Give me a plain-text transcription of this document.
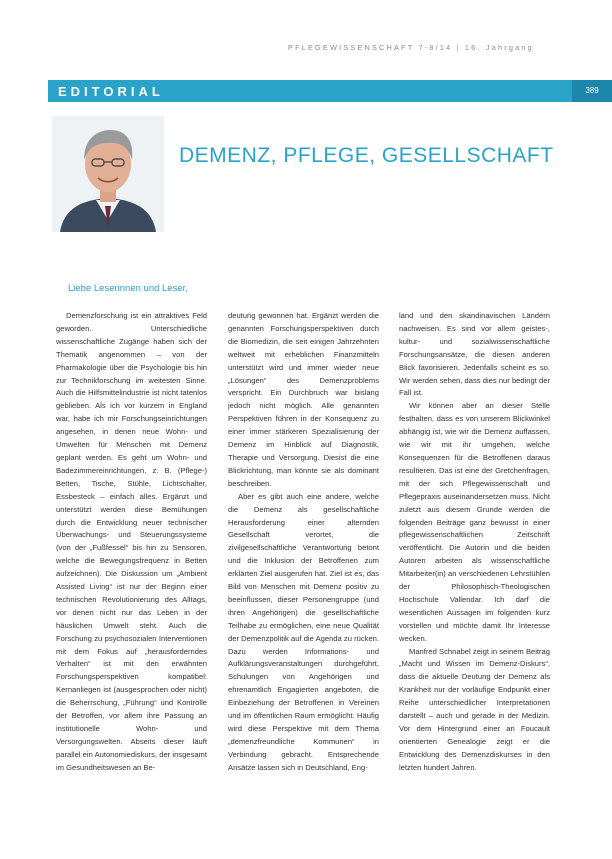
PFLEGEWISSENSCHAFT 7-8/14 | 16. Jahrgang
EDITORIAL	389
DEMENZ, PFLEGE, GESELLSCHAFT
Liebe Leserinnen und Leser,

Demenzforschung ist ein attraktives Feld geworden. Unterschiedliche wissenschaftliche Zugänge haben sich der Thematik angenommen – von der Pharmakologie über die Psychologie bis hin zur Technikforschung im weitesten Sinne. Auch die Hilfsmittelindustrie ist nicht tatenlos geblieben. Als ich vor kurzem in England war, habe ich mir Forschungseinrichtungen angesehen, in denen neue Wohn- und Umwelten für Menschen mit Demenz geplant werden. Es geht um Wohn- und Badezimmereinrichtungen, z. B. (Pflege-) Betten, Tische, Stühle, Lichtschalter, Essbesteck – einfach alles. Ergänzt und unterstützt werden diese Bemühungen durch die Entwicklung neuer technischer Überwachungs- und Steuerungssysteme (von der „Fußfessel“ bis hin zu Sensoren, welche die Bewegungsfrequenz in Betten aufzeichnen). Die Diskussion um „Ambient Assisted Living“ ist nur der Beginn einer technischen Revolutionierung des Alltags, vor denen nicht nur das Leben in der häuslichen Umwelt steht. Auch die Forschung zu psychosozialen Interventionen mit dem Fokus auf „herausforderndes Verhalten“ ist mit den erwähnten Forschungsperspektiven kompatibel: Kernanliegen ist (ausgesprochen oder nicht) die Beherrschung, „Führung“ und Kontrolle der Betroffen, vor allem ihre Passung an institutionelle Wohn- und Versorgungswelten. Abseits dieser läuft parallel ein Autonomiediskurs, der insgesamt im Gesundheitswesen an Be-

deutung gewonnen hat. Ergänzt werden die genannten Forschungsperspektiven durch die Biomedizin, die seit einigen Jahrzehnten weltweit mit erheblichen Finanzmitteln unterstützt wird und immer wieder neue „Lösungen“ des Demenzproblems verspricht. Ein Durchbruch war bislang jedoch nicht möglich. Alle genannten Perspektiven führen in der Konsequenz zu einer immer stärkeren Spezialisierung der Demenz im Hinblick auf Diagnostik, Therapie und Versorgung. Diesist die eine Blickrichtung, man könnte sie als dominant beschreiben.

Aber es gibt auch eine andere, welche die Demenz als gesellschaftliche Herausforderung einer alternden Gesellschaft verortet, die zivilgesellschaftliche Verantwortung betont und die Inklusion der Betroffenen zum erklärten Ziel ausgerufen hat. Ziel ist es, das Bild von Menschen mit Demenz positiv zu beeinflussen, dieser Personengruppe (und ihren Angehörigen) die gesellschaftliche Teilhabe zu ermöglichen, eine neue Qualität der Demenzpolitik auf die Agenda zu rücken. Dazu werden Informations- und Aufklärungsveranstaltungen durchgeführt, Schulungen von Angehörigen und ehrenamtlich Engagierten angeboten, die Einbeziehung der Betroffenen in Vereinen und im öffentlichen Raum ermöglicht. Häufig wird diese Perspektive mit dem Thema „demenzfreundliche Kommunen“ in Verbindung gebracht. Entsprechende Ansätze lassen sich in Deutschland, Eng-

land und den skandinavischen Ländern nachweisen. Es sind vor allem geistes-, kultur- und sozialwissenschaftliche Forschungsansätze, die diesen anderen Blick favorisieren. Jedenfalls scheint es so. Wir werden sehen, dass dies nur bedingt der Fall ist.

Wir können aber an dieser Stelle festhalten, dass es von unserem Blickwinkel abhängig ist, wie wir die Demenz auffassen, wie wir mit ihr umgehen, welche Konsequenzen für die Betroffenen daraus resultieren. Das ist eine der Gretchenfragen, mit der sich Pflegewissenschaft und Pflegepraxis auseinandersetzen muss. Nicht zuletzt aus diesem Grunde werden die folgenden Beiträge ganz bewusst in einer pflegewissenschaftlichen Zeitschrift veröffentlicht. Die Autorin und die beiden Autoren arbeiten als wissenschaftliche Mitarbeiter(in) an verschiedenen Lehrstühlen der Philosophisch-Theologischen Hochschule Vallendar. Ich darf die wesentlichen Aussagen im folgenden kurz vorstellen und möchte damit Ihr Interesse wecken.

Manfred Schnabel zeigt in seinem Beitrag „Macht und Wissen im Demenz-Diskurs“, dass die aktuelle Deutung der Demenz als Krankheit nur der vorläufige Endpunkt einer Reihe unterschiedlicher Interpretationen darstellt – auch und gerade in der Medizin. Vor dem Hintergrund einer an Foucault orientierten Genealogie zeigt er die Entwicklung des Demenzdiskurses in den letzten hundert Jahren.
